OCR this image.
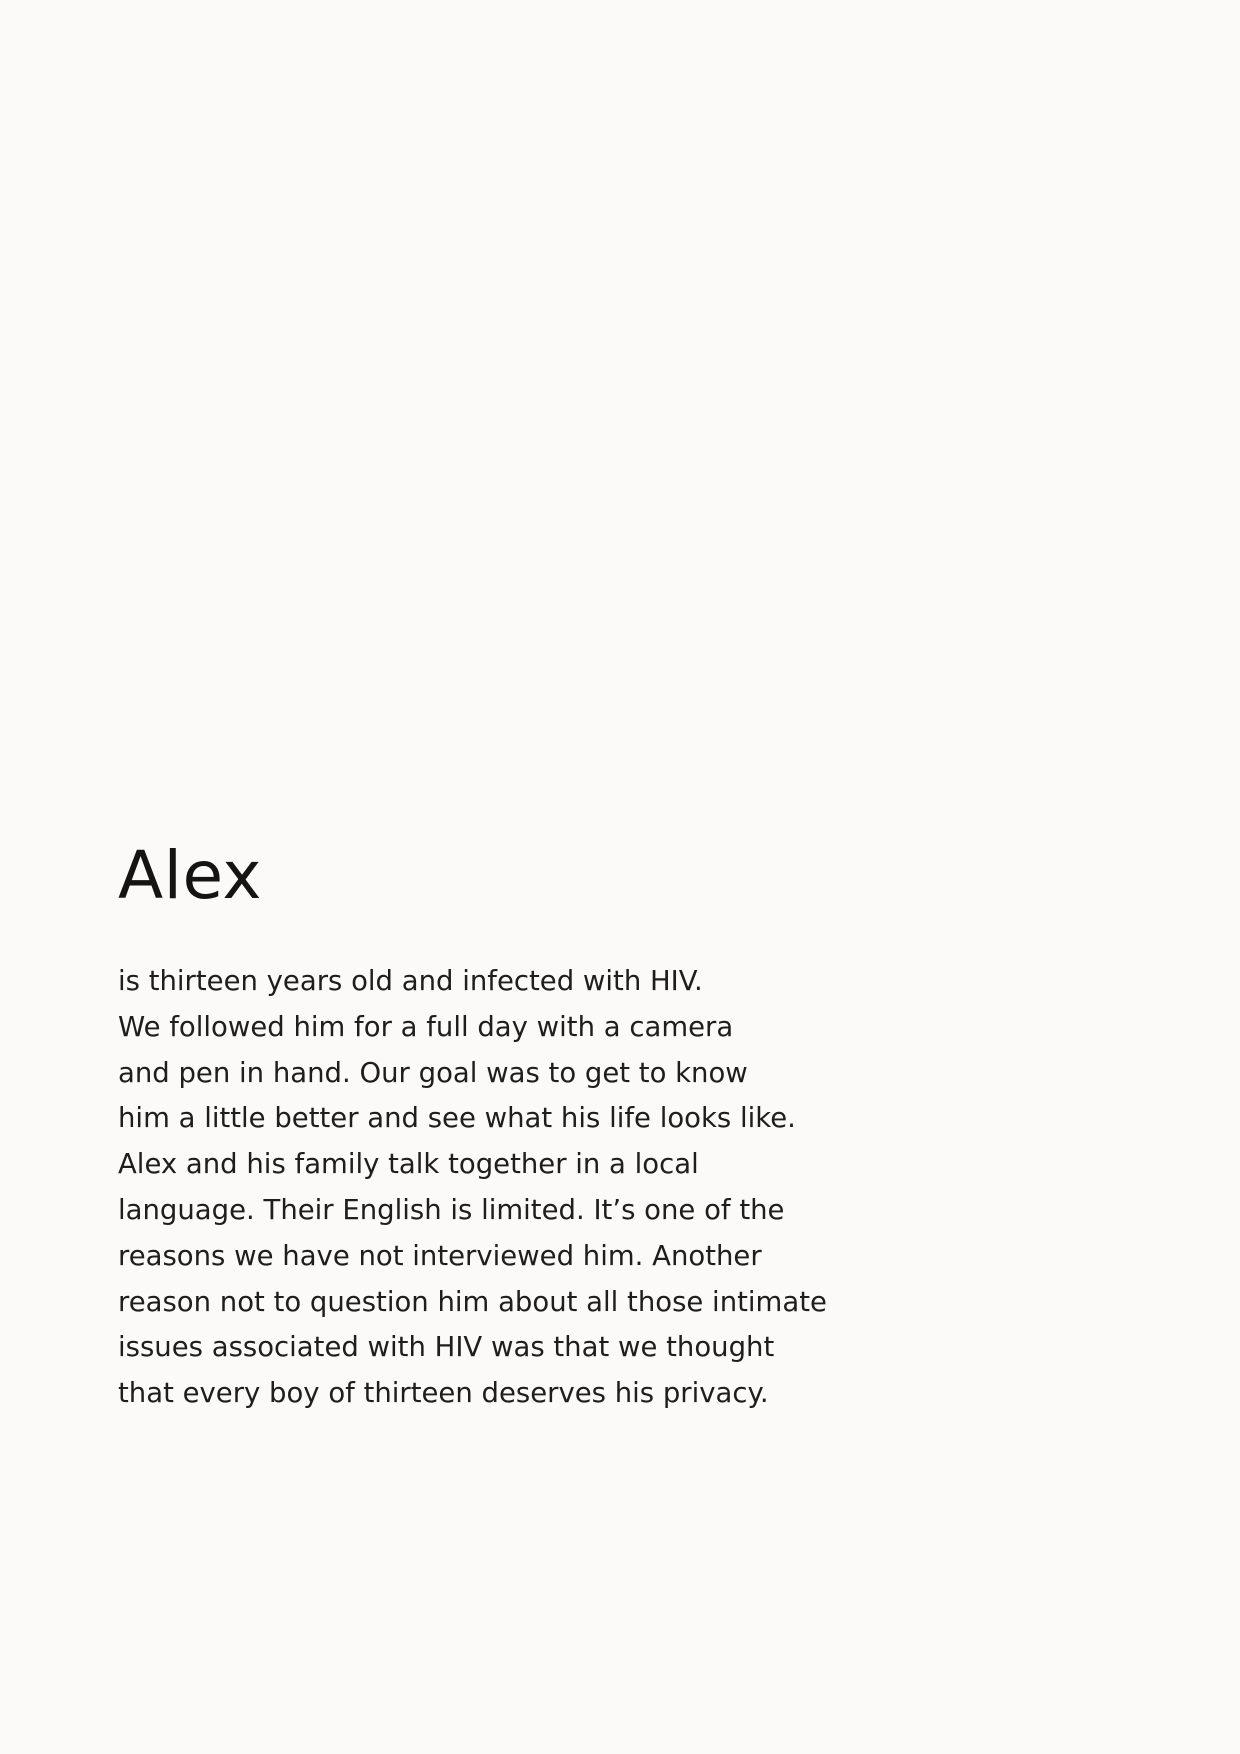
Alex

is thirteen years old and infected with HIV.
We followed him for a full day with a camera
and pen in hand. Our goal was to get to know
him a little better and see what his life looks like.
Alex and his family talk together in a local
language. Their English is limited. It’s one of the
reasons we have not interviewed him. Another
reason not to question him about all those intimate
issues associated with HIV was that we thought
that every boy of thirteen deserves his privacy.
